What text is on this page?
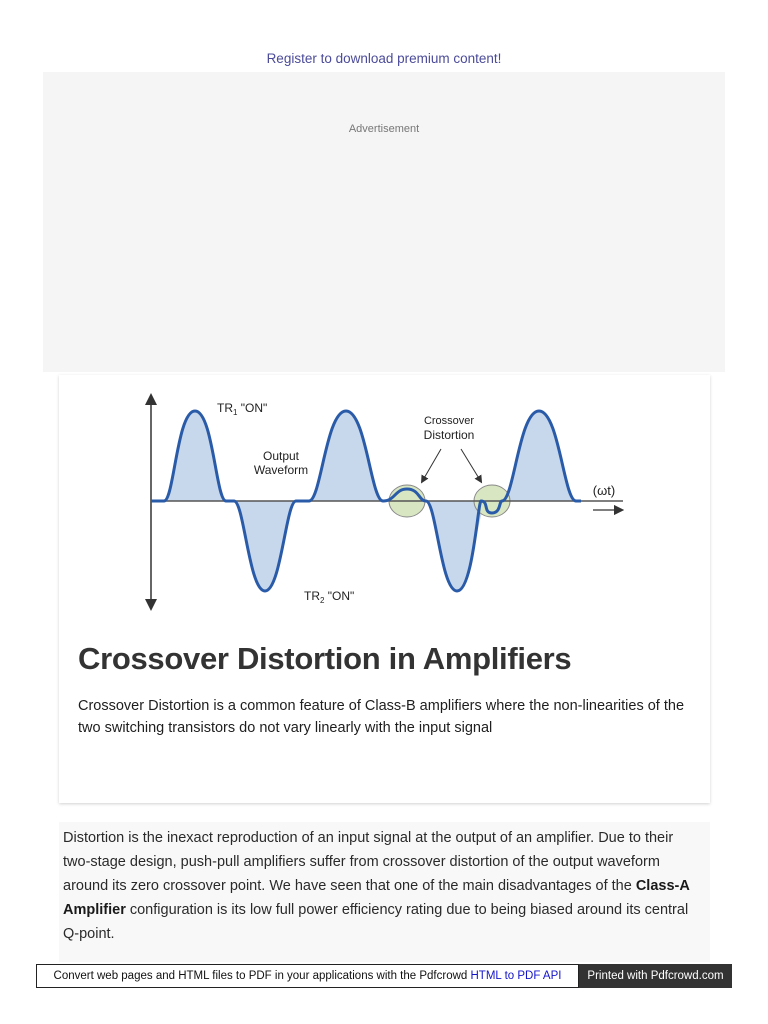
Register to download premium content!
Advertisement
$TR_1$ "ON"
Output
Waveform
Crossover
Distortion
(ωt)
$TR_2$ "ON"
Crossover Distortion in Amplifiers

Crossover Distortion is a common feature of Class-B amplifiers where the non-linearities of the two switching transistors do not vary linearly with the input signal

Distortion is the inexact reproduction of an input signal at the output of an amplifier. Due to their two-stage design, push-pull amplifiers suffer from crossover distortion of the output waveform around its zero crossover point. We have seen that one of the main disadvantages of the Class-A Amplifier configuration is its low full power efficiency rating due to being biased around its central Q-point.

Convert web pages and HTML files to PDF in your applications with the Pdfcrowd HTML to PDF API	Printed with Pdfcrowd.com
